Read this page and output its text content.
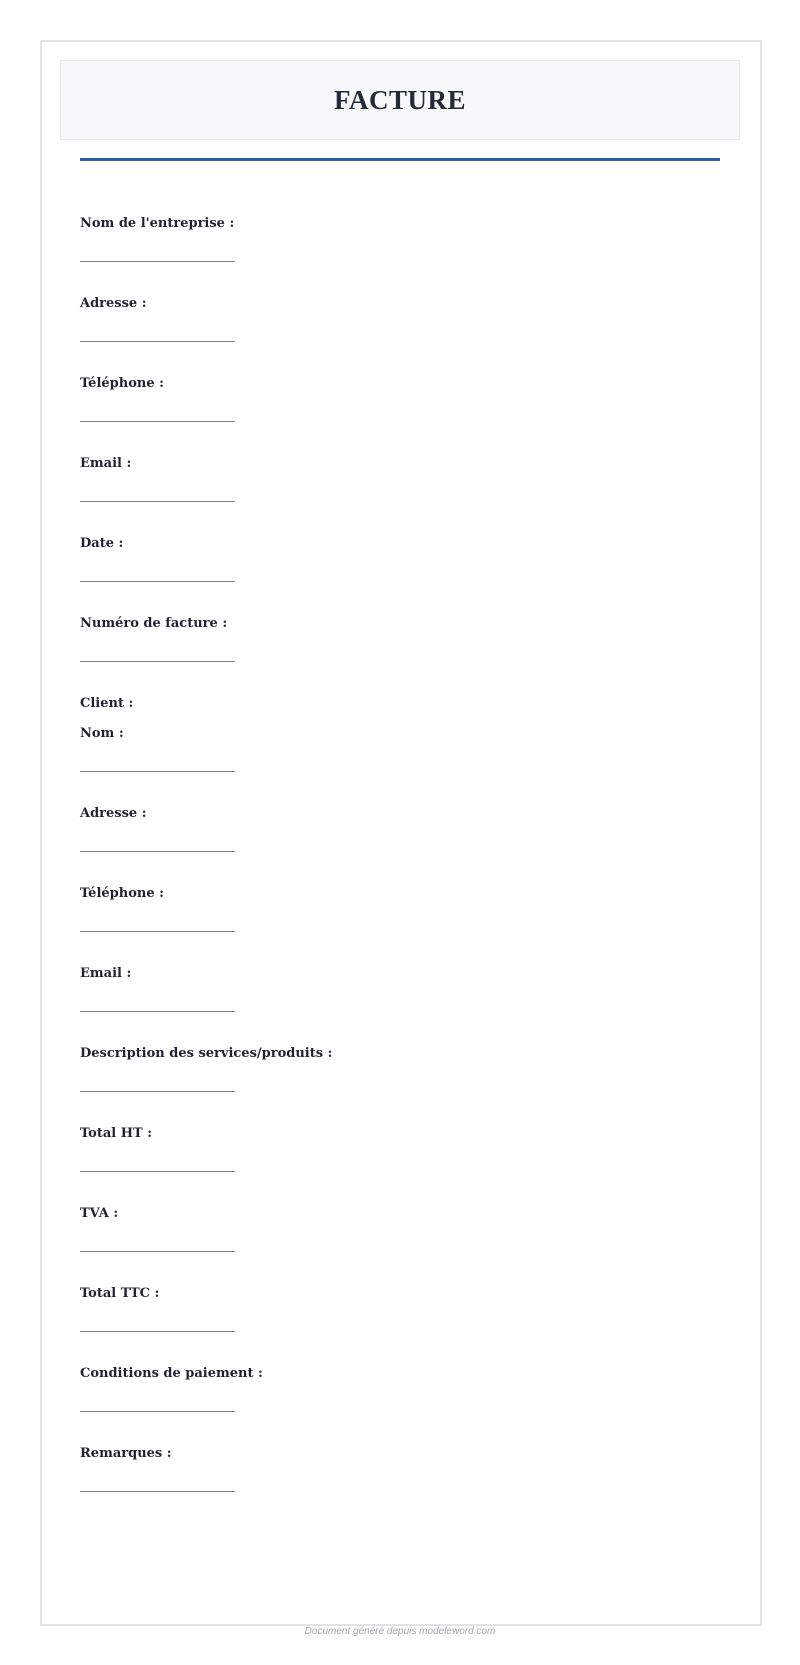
FACTURE
Nom de l'entreprise :
Adresse :
Téléphone :
Email :
Date :
Numéro de facture :
Client :
Nom :
Adresse :
Téléphone :
Email :
Description des services/produits :
Total HT :
TVA :
Total TTC :
Conditions de paiement :
Remarques :
Document généré depuis modeleword.com
